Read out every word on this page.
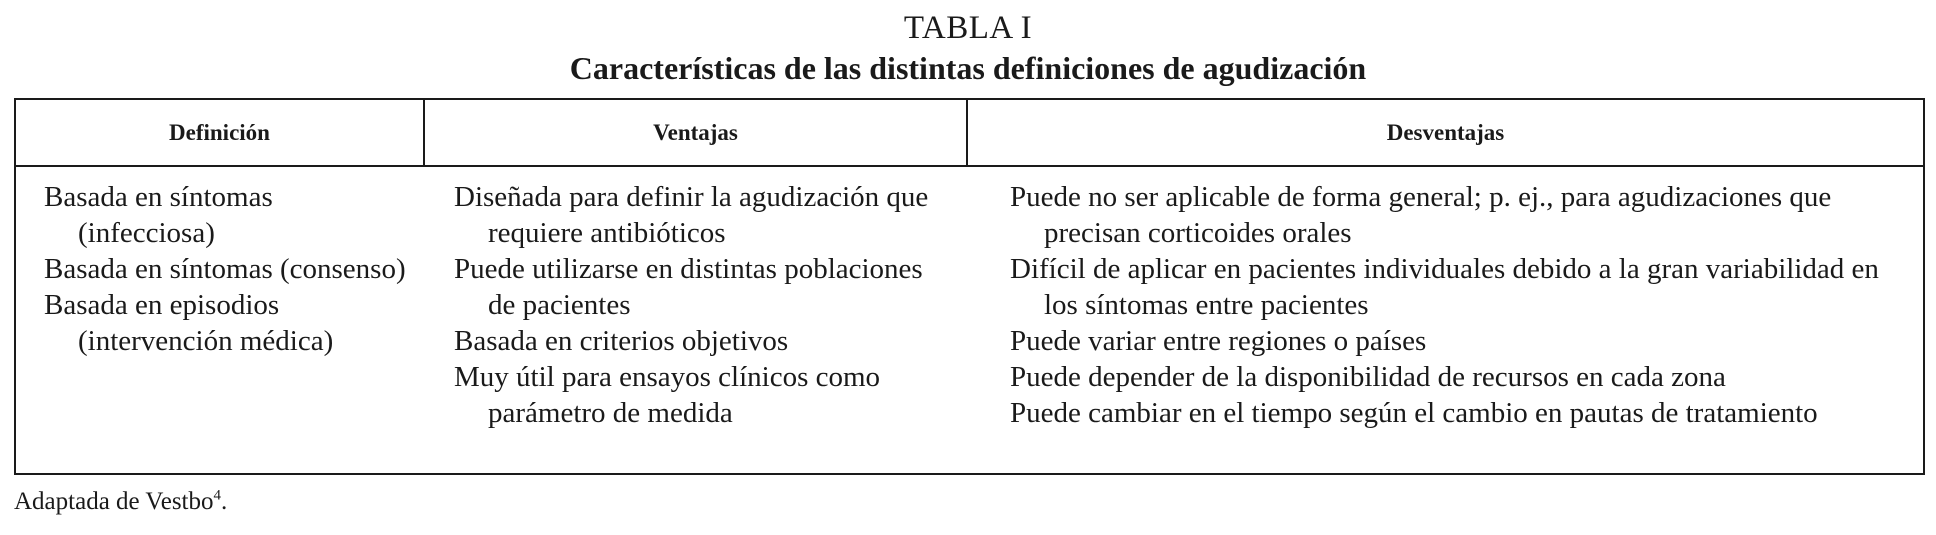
TABLA I
Características de las distintas definiciones de agudización
Definición	Ventajas	Desventajas
Basada en síntomas (infecciosa)
Basada en síntomas (consenso)
Basada en episodios (intervención médica)
Diseñada para definir la agudización que requiere antibióticos
Puede utilizarse en distintas poblaciones de pacientes
Basada en criterios objetivos
Muy útil para ensayos clínicos como parámetro de medida
Puede no ser aplicable de forma general; p. ej., para agudizaciones que precisan corticoides orales
Difícil de aplicar en pacientes individuales debido a la gran variabilidad en los síntomas entre pacientes
Puede variar entre regiones o países
Puede depender de la disponibilidad de recursos en cada zona
Puede cambiar en el tiempo según el cambio en pautas de tratamiento
Adaptada de Vestbo$^4$.
